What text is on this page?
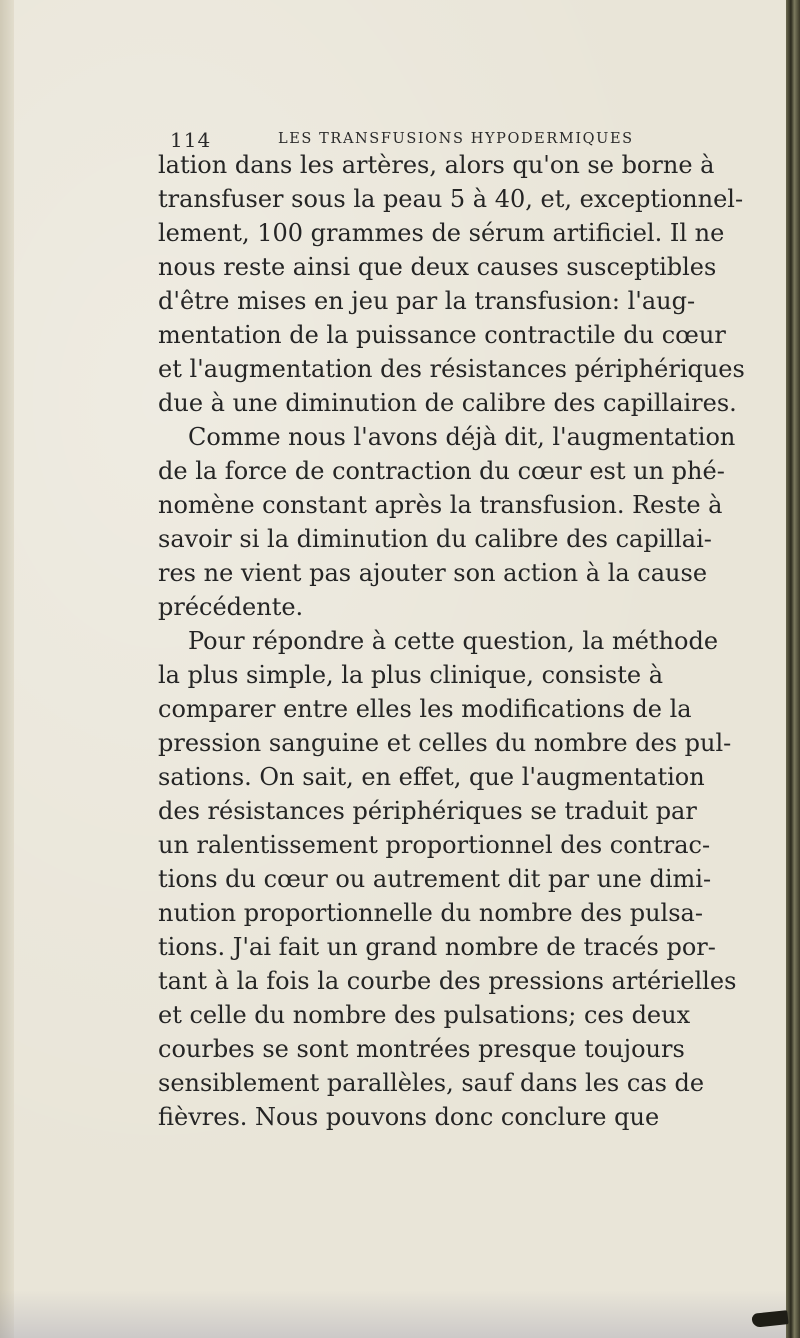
114	LES TRANSFUSIONS HYPODERMIQUES
lation dans les artères, alors qu'on se borne à
transfuser sous la peau 5 à 40, et, exceptionnel-
lement, 100 grammes de sérum artificiel. Il ne
nous reste ainsi que deux causes susceptibles
d'être mises en jeu par la transfusion: l'aug-
mentation de la puissance contractile du cœur
et l'augmentation des résistances périphériques
due à une diminution de calibre des capillaires.
Comme nous l'avons déjà dit, l'augmentation
de la force de contraction du cœur est un phé-
nomène constant après la transfusion. Reste à
savoir si la diminution du calibre des capillai-
res ne vient pas ajouter son action à la cause
précédente.
Pour répondre à cette question, la méthode
la plus simple, la plus clinique, consiste à
comparer entre elles les modifications de la
pression sanguine et celles du nombre des pul-
sations. On sait, en effet, que l'augmentation
des résistances périphériques se traduit par
un ralentissement proportionnel des contrac-
tions du cœur ou autrement dit par une dimi-
nution proportionnelle du nombre des pulsa-
tions. J'ai fait un grand nombre de tracés por-
tant à la fois la courbe des pressions artérielles
et celle du nombre des pulsations; ces deux
courbes se sont montrées presque toujours
sensiblement parallèles, sauf dans les cas de
fièvres. Nous pouvons donc conclure que
